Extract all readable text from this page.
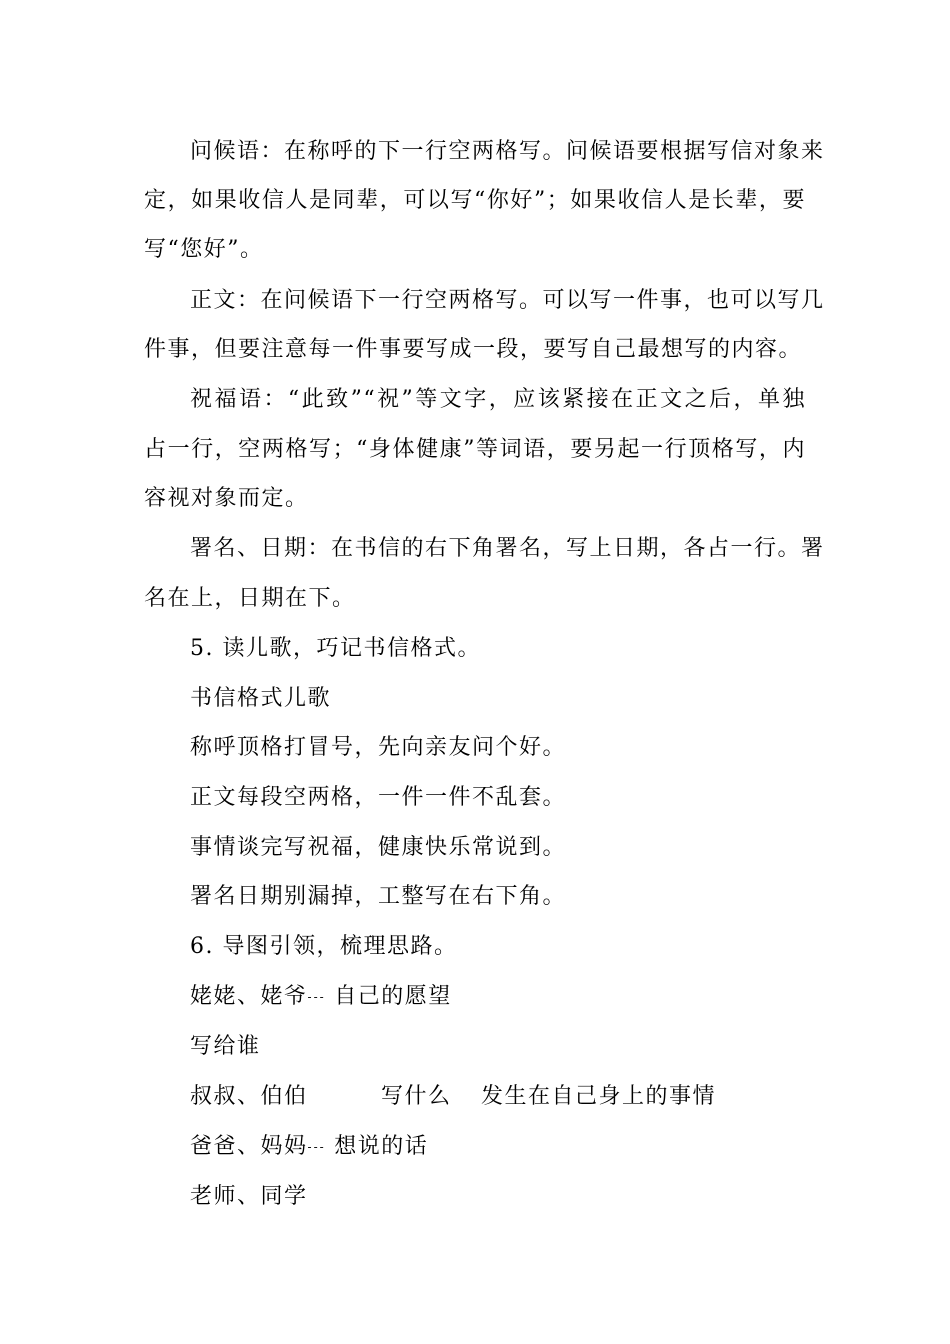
问候语：在称呼的下一行空两格写。问候语要根据写信对象来
定，如果收信人是同辈，可以写“你好”；如果收信人是长辈，要
写“您好”。
正文：在问候语下一行空两格写。可以写一件事，也可以写几
件事，但要注意每一件事要写成一段，要写自己最想写的内容。
祝福语：“此致”“祝”等文字，应该紧接在正文之后，单独
占一行，空两格写；“身体健康”等词语，要另起一行顶格写，内
容视对象而定。
署名、日期：在书信的右下角署名，写上日期，各占一行。署
名在上，日期在下。
5. 读儿歌，巧记书信格式。
书信格式儿歌
称呼顶格打冒号，先向亲友问个好。
正文每段空两格，一件一件不乱套。
事情谈完写祝福，健康快乐常说到。
署名日期别漏掉，工整写在右下角。
6. 导图引领，梳理思路。
姥姥、姥爷--- 自己的愿望
写给谁
叔叔、伯伯	写什么 发生在自己身上的事情
爸爸、妈妈--- 想说的话
老师、同学
